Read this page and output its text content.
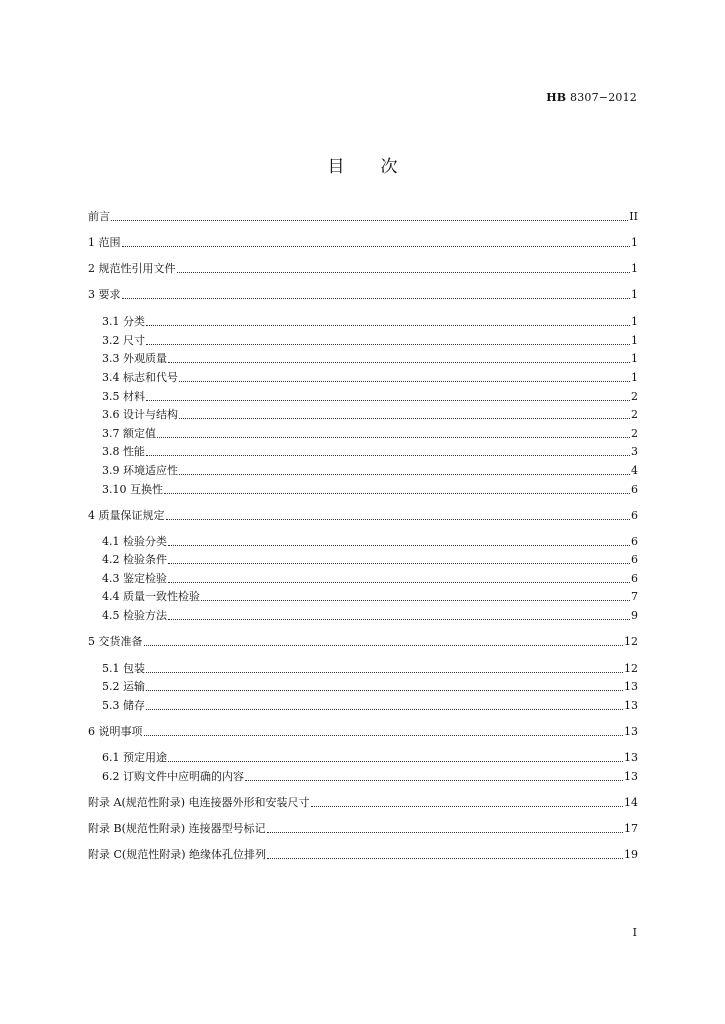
HB 8307−2012
目 次
前言	II
1 范围	1
2 规范性引用文件	1
3 要求	1
3.1 分类	1
3.2 尺寸	1
3.3 外观质量	1
3.4 标志和代号	1
3.5 材料	2
3.6 设计与结构	2
3.7 额定值	2
3.8 性能	3
3.9 环境适应性	4
3.10 互换性	6
4 质量保证规定	6
4.1 检验分类	6
4.2 检验条件	6
4.3 鉴定检验	6
4.4 质量一致性检验	7
4.5 检验方法	9
5 交货准备	12
5.1 包装	12
5.2 运输	13
5.3 储存	13
6 说明事项	13
6.1 预定用途	13
6.2 订购文件中应明确的内容	13
附录 A(规范性附录) 电连接器外形和安装尺寸	14
附录 B(规范性附录) 连接器型号标记	17
附录 C(规范性附录) 绝缘体孔位排列	19
I
